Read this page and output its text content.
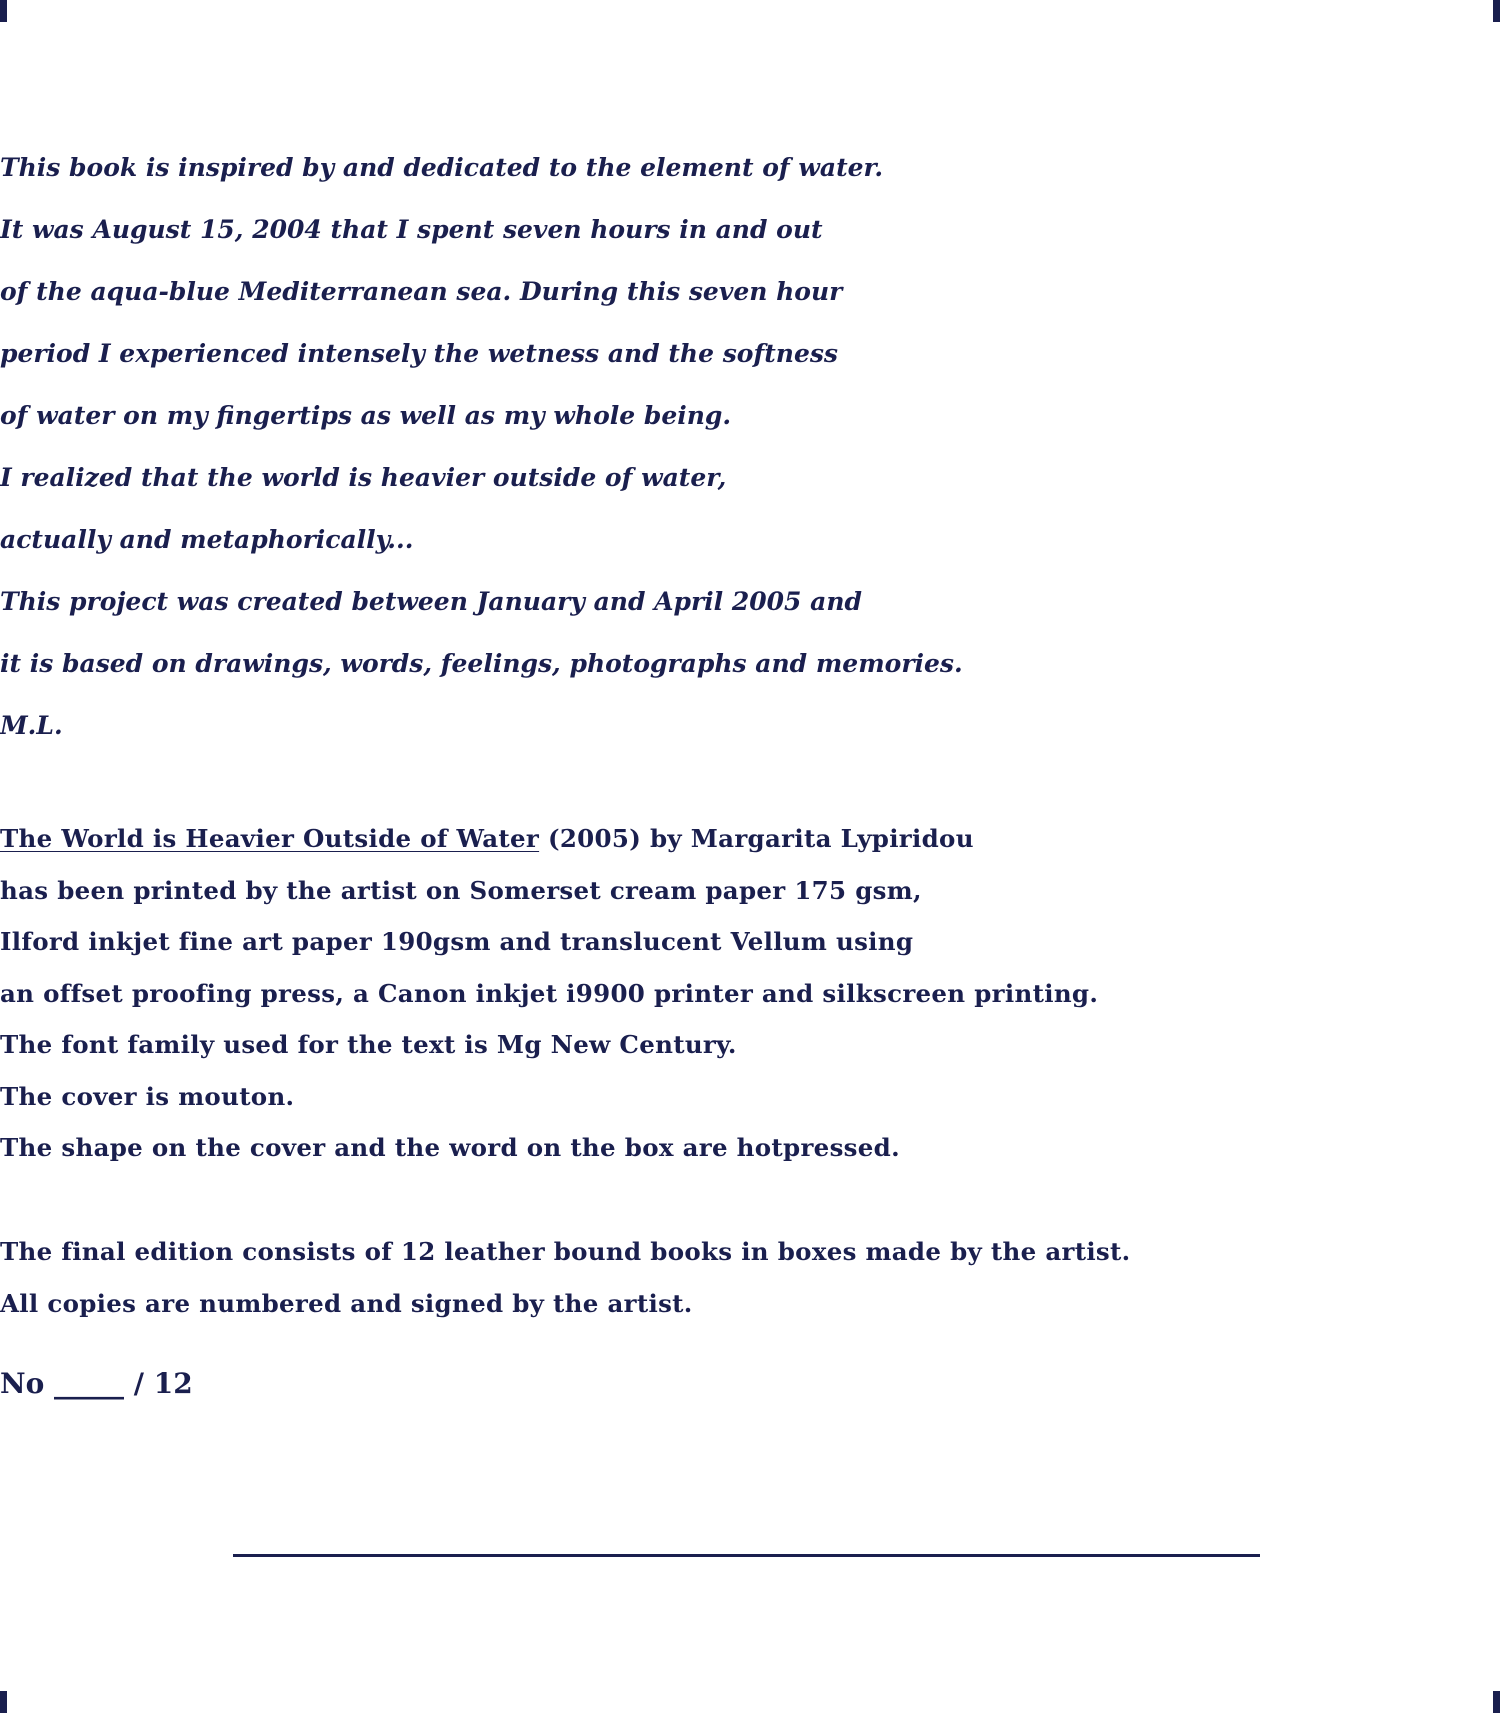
This book is inspired by and dedicated to the element of water.
It was August 15, 2004 that I spent seven hours in and out
of the aqua-blue Mediterranean sea. During this seven hour
period I experienced intensely the wetness and the softness
of water on my fingertips as well as my whole being.
I realized that the world is heavier outside of water,
actually and metaphorically...
This project was created between January and April 2005 and
it is based on drawings, words, feelings, photographs and memories.
M.L.
The World is Heavier Outside of Water (2005) by Margarita Lypiridou
has been printed by the artist on Somerset cream paper 175 gsm,
Ilford inkjet fine art paper 190gsm and translucent Vellum using
an offset proofing press, a Canon inkjet i9900 printer and silkscreen printing.
The font family used for the text is Mg New Century.
The cover is mouton.
The shape on the cover and the word on the box are hotpressed.
The final edition consists of 12 leather bound books in boxes made by the artist.
All copies are numbered and signed by the artist.
No _____ / 12
